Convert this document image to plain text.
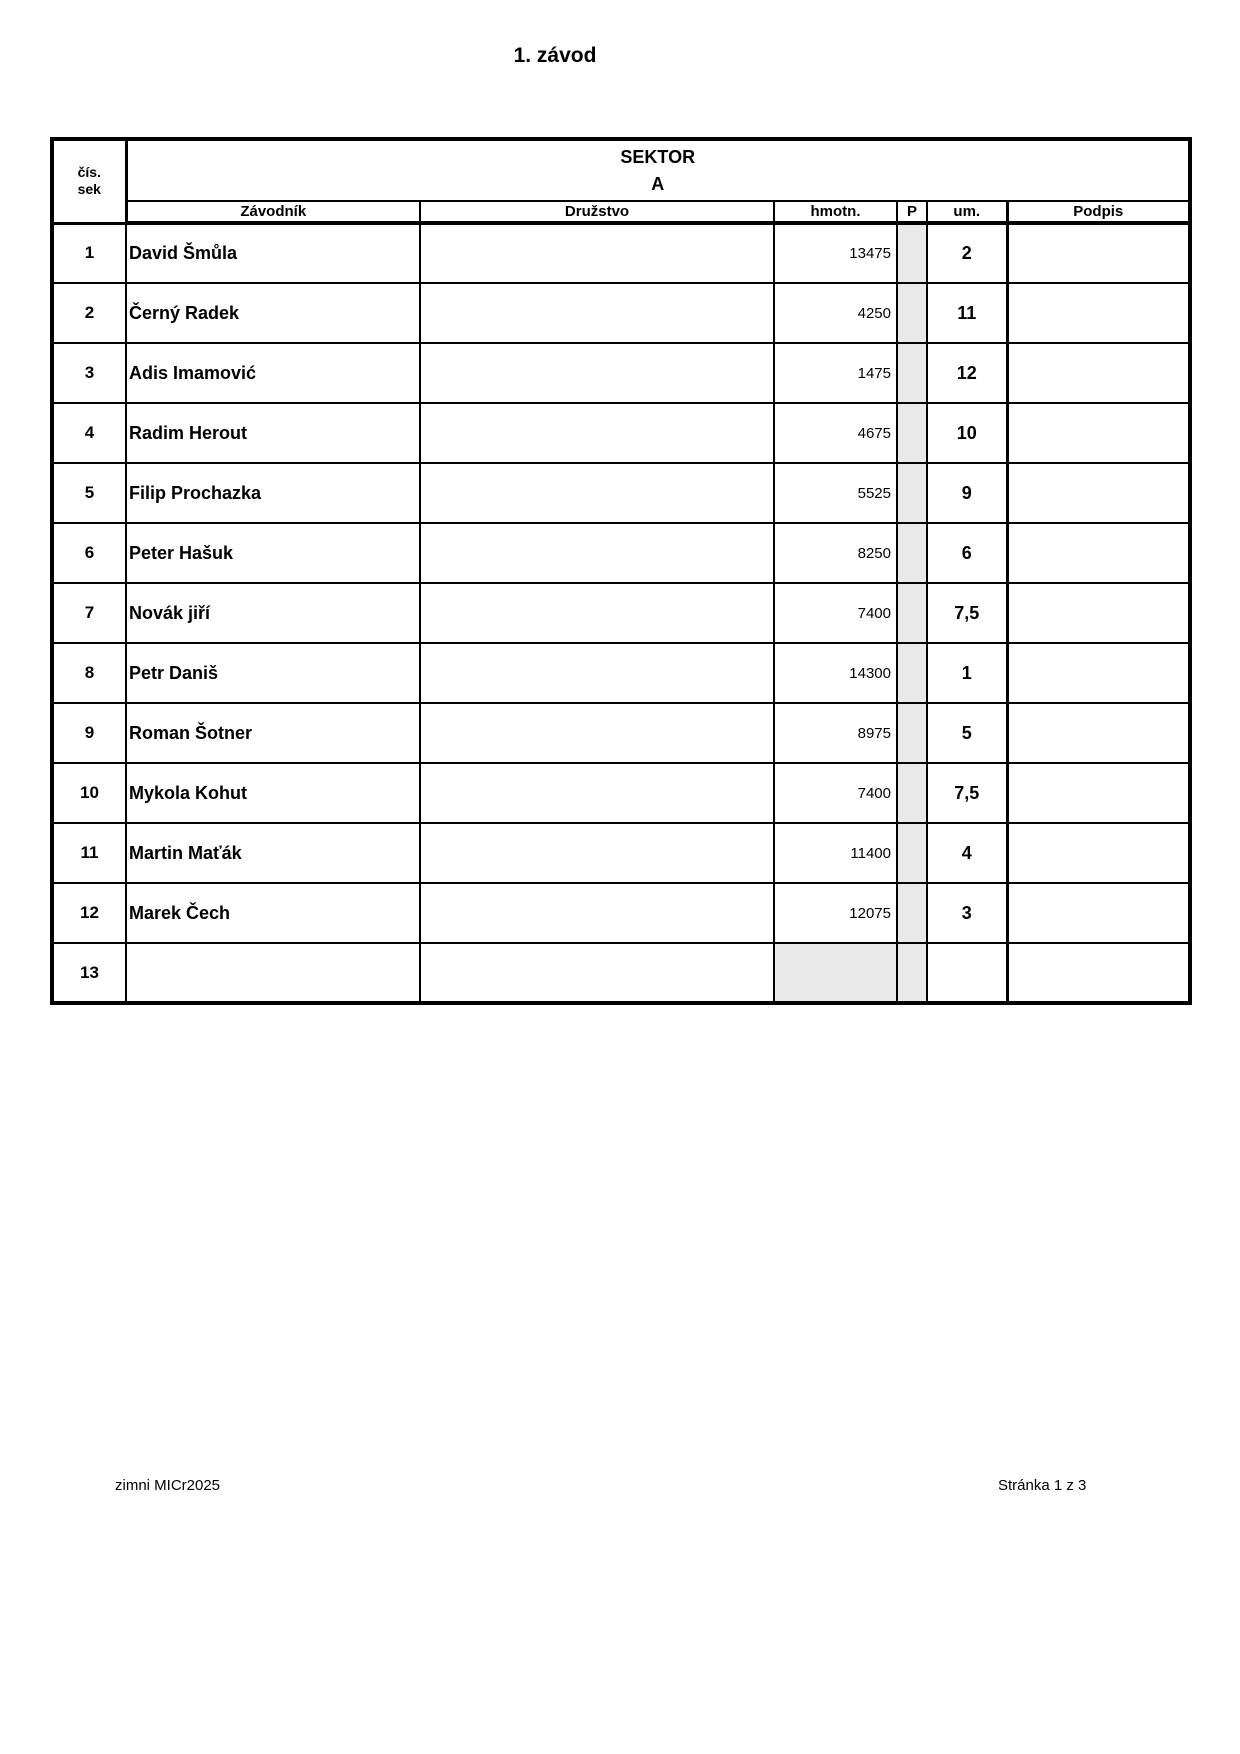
1. závod
čís.
sek

SEKTOR
A

	Závodník	Družstvo	hmotn.	P	um.	Podpis
1	David Šmůla		13475		2	
2	Černý Radek		4250		11	
3	Adis Imamović		1475		12	
4	Radim Herout		4675		10	
5	Filip Prochazka		5525		9	
6	Peter Hašuk		8250		6	
7	Novák jiří		7400		7,5	
8	Petr Daniš		14300		1	
9	Roman Šotner		8975		5	
10	Mykola Kohut		7400		7,5	
11	Martin Maťák		11400		4	
12	Marek Čech		12075		3	
13						
zimni MICr2025	Stránka 1 z 3
